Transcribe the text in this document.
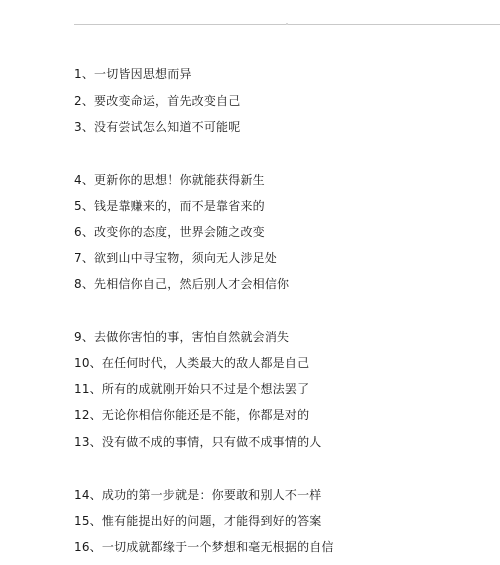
1、一切皆因思想而异
2、要改变命运，首先改变自己
3、没有尝试怎么知道不可能呢
4、更新你的思想！你就能获得新生
5、钱是靠赚来的，而不是靠省来的
6、改变你的态度，世界会随之改变
7、欲到山中寻宝物，须向无人涉足处
8、先相信你自己，然后别人才会相信你
9、去做你害怕的事，害怕自然就会消失
10、在任何时代，人类最大的敌人都是自己
11、所有的成就刚开始只不过是个想法罢了
12、无论你相信你能还是不能，你都是对的
13、没有做不成的事情，只有做不成事情的人
14、成功的第一步就是：你要敢和别人不一样
15、惟有能提出好的问题，才能得到好的答案
16、一切成就都缘于一个梦想和毫无根据的自信
